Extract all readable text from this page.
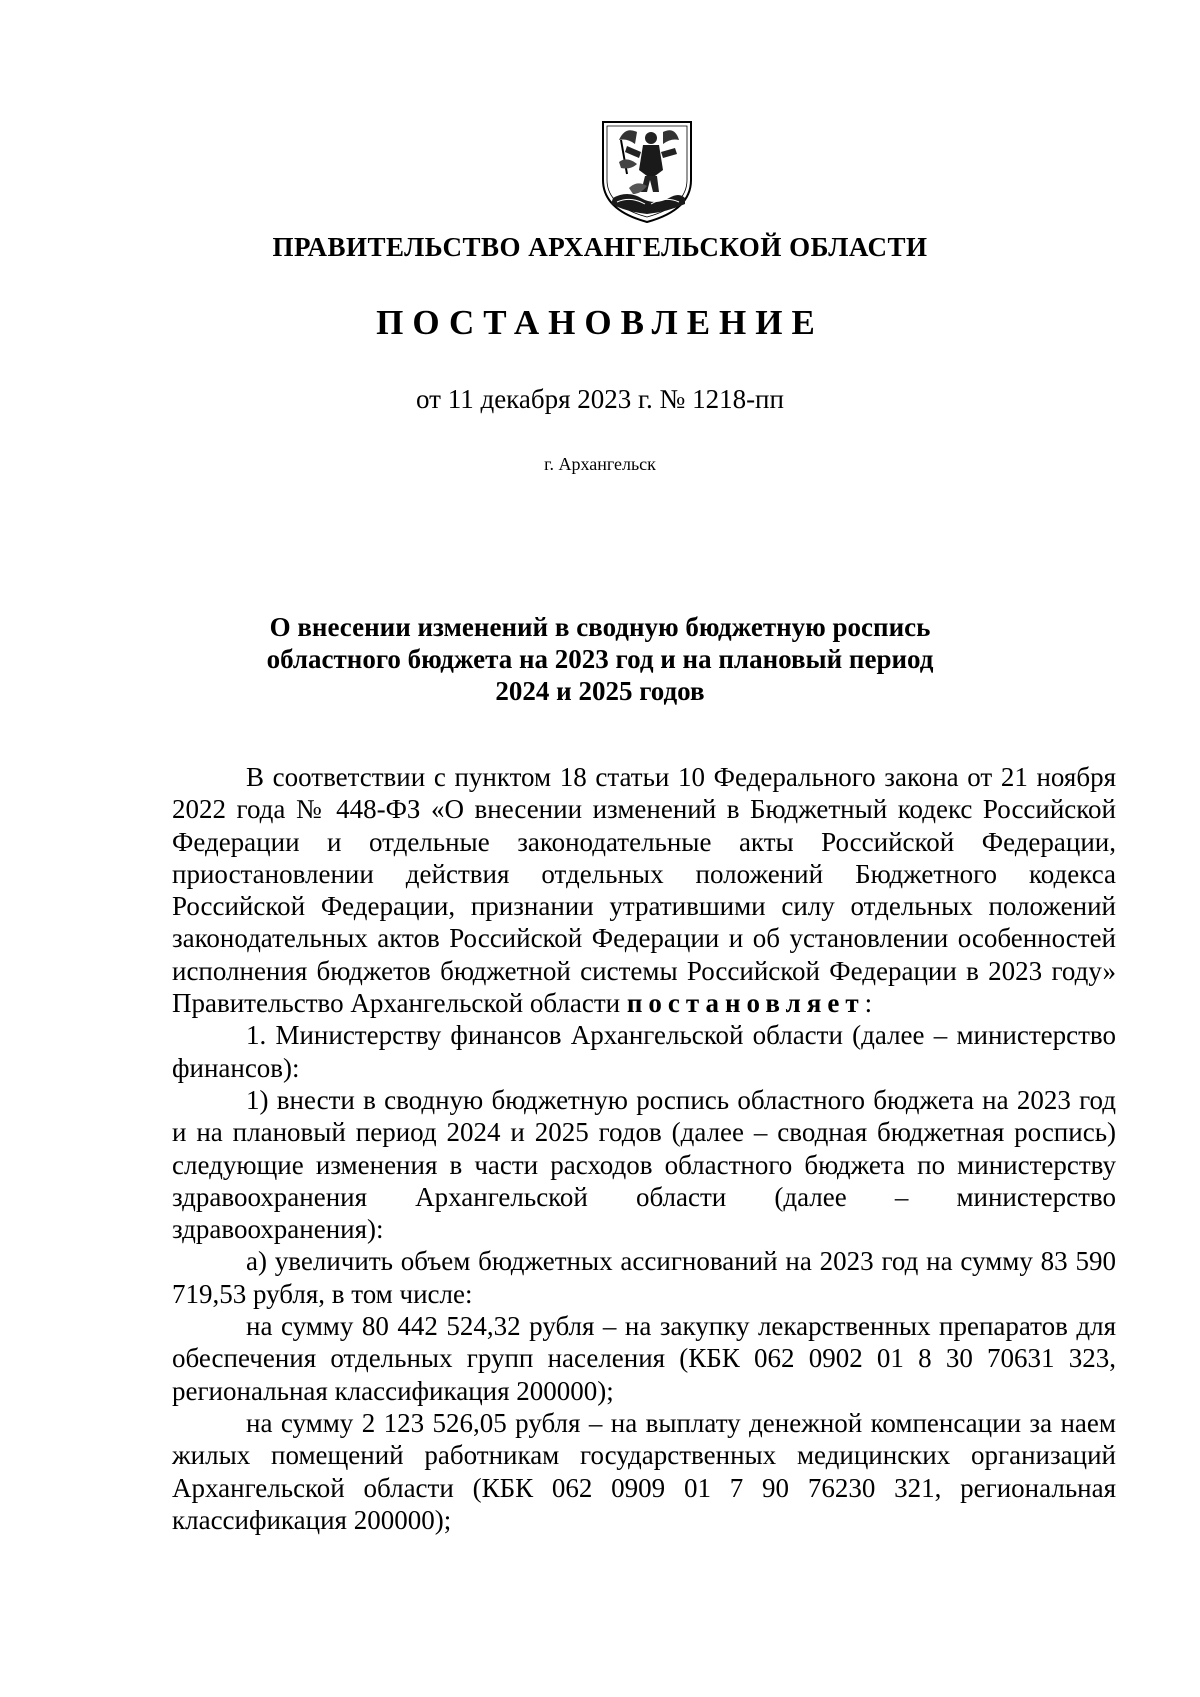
ПРАВИТЕЛЬСТВО АРХАНГЕЛЬСКОЙ ОБЛАСТИ
ПОСТАНОВЛЕНИЕ
от 11 декабря 2023 г. № 1218-пп
г. Архангельск
О внесении изменений в сводную бюджетную роспись
областного бюджета на 2023 год и на плановый период
2024 и 2025 годов

В соответствии с пунктом 18 статьи 10 Федерального закона от 21 ноября 2022 года № 448-ФЗ «О внесении изменений в Бюджетный кодекс Российской Федерации и отдельные законодательные акты Российской Федерации, приостановлении действия отдельных положений Бюджетного кодекса Российской Федерации, признании утратившими силу отдельных положений законодательных актов Российской Федерации и об установлении особенностей исполнения бюджетов бюджетной системы Российской Федерации в 2023 году» Правительство Архангельской области постановляет:

1. Министерству финансов Архангельской области (далее – министерство финансов):

1) внести в сводную бюджетную роспись областного бюджета на 2023 год и на плановый период 2024 и 2025 годов (далее – сводная бюджетная роспись) следующие изменения в части расходов областного бюджета по министерству здравоохранения Архангельской области (далее – министерство здравоохранения):

а) увеличить объем бюджетных ассигнований на 2023 год на сумму 83 590 719,53 рубля, в том числе:

на сумму 80 442 524,32 рубля – на закупку лекарственных препаратов для обеспечения отдельных групп населения (КБК 062 0902 01 8 30 70631 323, региональная классификация 200000);

на сумму 2 123 526,05 рубля – на выплату денежной компенсации за наем жилых помещений работникам государственных медицинских организаций Архангельской области (КБК 062 0909 01 7 90 76230 321, региональная классификация 200000);
